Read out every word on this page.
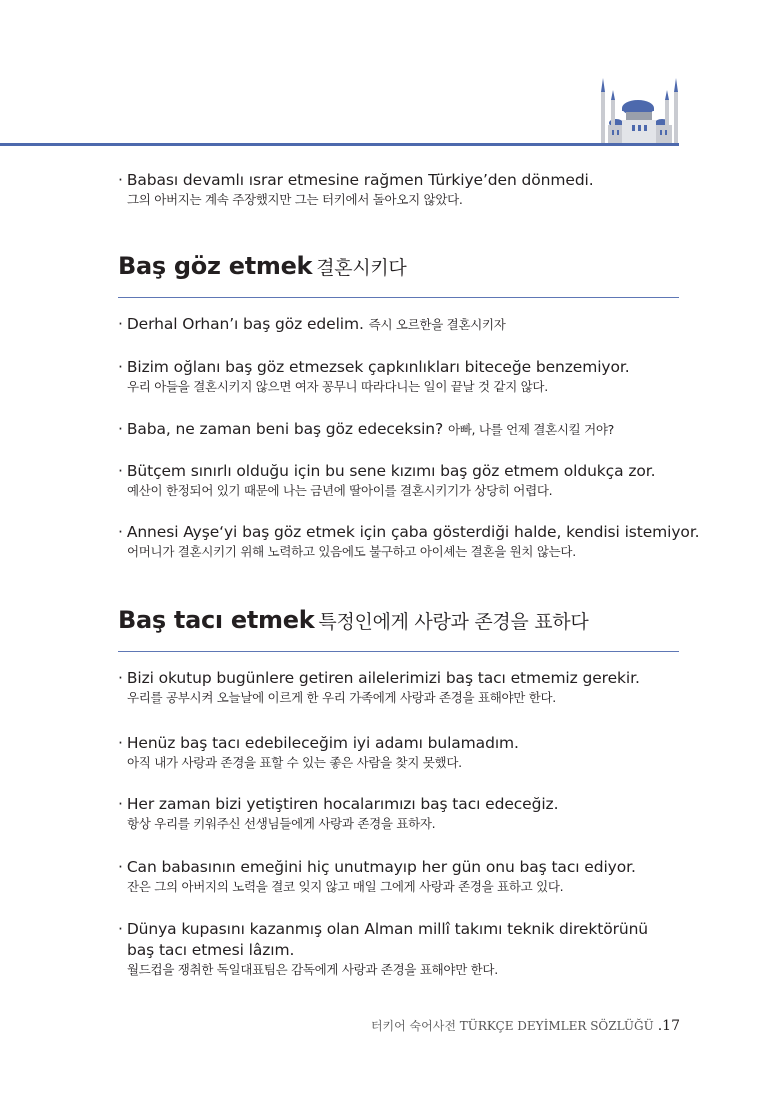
· Babası devamlı ısrar etmesine rağmen Türkiye’den dönmedi.
그의 아버지는 계속 주장했지만 그는 터키에서 돌아오지 않았다.
Baş göz etmek 결혼시키다
· Derhal Orhan’ı baş göz edelim. 즉시 오르한을 결혼시키자
· Bizim oğlanı baş göz etmezsek çapkınlıkları biteceğe benzemiyor.
우리 아들을 결혼시키지 않으면 여자 꽁무니 따라다니는 일이 끝날 것 같지 않다.
· Baba, ne zaman beni baş göz edeceksin? 아빠, 나를 언제 결혼시킬 거야?
· Bütçem sınırlı olduğu için bu sene kızımı baş göz etmem oldukça zor.
예산이 한정되어 있기 때문에 나는 금년에 딸아이를 결혼시키기가 상당히 어렵다.
· Annesi Ayşe‘yi baş göz etmek için çaba gösterdiği halde, kendisi istemiyor.
어머니가 결혼시키기 위해 노력하고 있음에도 불구하고 아이셰는 결혼을 원치 않는다.
Baş tacı etmek 특정인에게 사랑과 존경을 표하다
· Bizi okutup bugünlere getiren ailelerimizi baş tacı etmemiz gerekir.
우리를 공부시켜 오늘날에 이르게 한 우리 가족에게 사랑과 존경을 표해야만 한다.
· Henüz baş tacı edebileceğim iyi adamı bulamadım.
아직 내가 사랑과 존경을 표할 수 있는 좋은 사람을 찾지 못했다.
· Her zaman bizi yetiştiren hocalarımızı baş tacı edeceğiz.
항상 우리를 키워주신 선생님들에게 사랑과 존경을 표하자.
· Can babasının emeğini hiç unutmayıp her gün onu baş tacı ediyor.
잔은 그의 아버지의 노력을 결코 잊지 않고 매일 그에게 사랑과 존경을 표하고 있다.
· Dünya kupasını kazanmış olan Alman millî takımı teknik direktörünü
baş tacı etmesi lâzım.
월드컵을 쟁취한 독일대표팀은 감독에게 사랑과 존경을 표해야만 한다.
터키어 숙어사전 TÜRKÇE DEYİMLER SÖZLÜĞÜ .17
